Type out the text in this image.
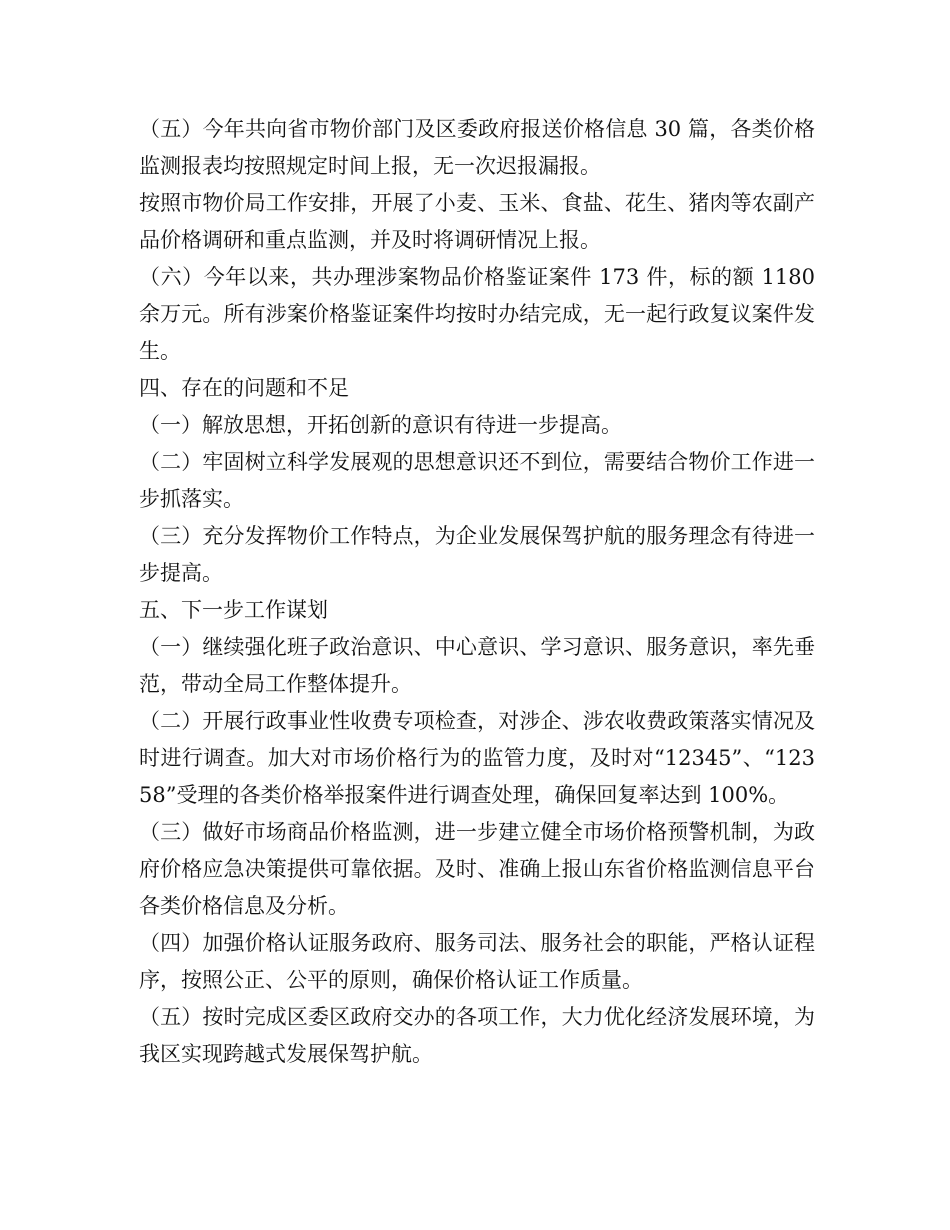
（五）今年共向省市物价部门及区委政府报送价格信息 30 篇，各类价格监测报表均按照规定时间上报，无一次迟报漏报。

按照市物价局工作安排，开展了小麦、玉米、食盐、花生、猪肉等农副产品价格调研和重点监测，并及时将调研情况上报。

（六）今年以来，共办理涉案物品价格鉴证案件 173 件，标的额 1180 余万元。所有涉案价格鉴证案件均按时办结完成，无一起行政复议案件发生。

四、存在的问题和不足

（一）解放思想，开拓创新的意识有待进一步提高。

（二）牢固树立科学发展观的思想意识还不到位，需要结合物价工作进一步抓落实。

（三）充分发挥物价工作特点，为企业发展保驾护航的服务理念有待进一步提高。

五、下一步工作谋划

（一）继续强化班子政治意识、中心意识、学习意识、服务意识，率先垂范，带动全局工作整体提升。

（二）开展行政事业性收费专项检查，对涉企、涉农收费政策落实情况及时进行调查。加大对市场价格行为的监管力度，及时对“12345”、“12358”受理的各类价格举报案件进行调查处理，确保回复率达到 100%。

（三）做好市场商品价格监测，进一步建立健全市场价格预警机制，为政府价格应急决策提供可靠依据。及时、准确上报山东省价格监测信息平台各类价格信息及分析。

（四）加强价格认证服务政府、服务司法、服务社会的职能，严格认证程序，按照公正、公平的原则，确保价格认证工作质量。

（五）按时完成区委区政府交办的各项工作，大力优化经济发展环境，为我区实现跨越式发展保驾护航。
